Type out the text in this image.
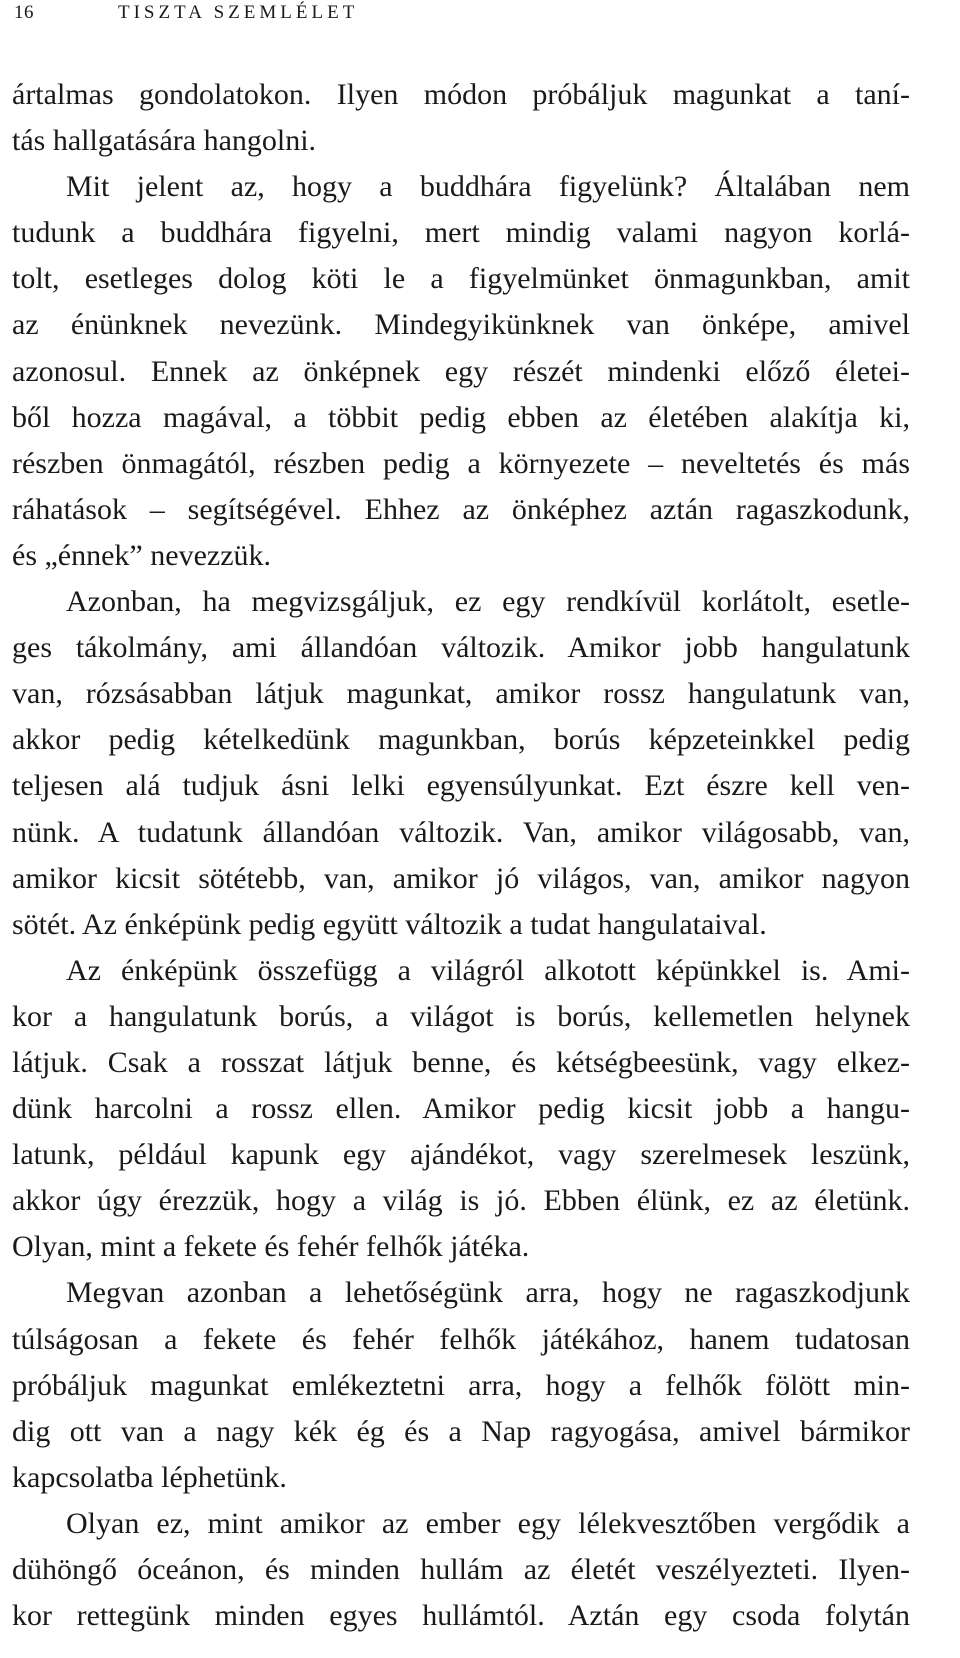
16	TISZTA SZEMLÉLET
ártalmas gondolatokon. Ilyen módon próbáljuk magunkat a taní-
tás hallgatására hangolni.
Mit jelent az, hogy a buddhára figyelünk? Általában nem
tudunk a buddhára figyelni, mert mindig valami nagyon korlá-
tolt, esetleges dolog köti le a figyelmünket önmagunkban, amit
az énünknek nevezünk. Mindegyikünknek van önképe, amivel
azonosul. Ennek az önképnek egy részét mindenki előző életei-
ből hozza magával, a többit pedig ebben az életében alakítja ki,
részben önmagától, részben pedig a környezete – neveltetés és más
ráhatások – segítségével. Ehhez az önképhez aztán ragaszkodunk,
és „énnek” nevezzük.
Azonban, ha megvizsgáljuk, ez egy rendkívül korlátolt, esetle-
ges tákolmány, ami állandóan változik. Amikor jobb hangulatunk
van, rózsásabban látjuk magunkat, amikor rossz hangulatunk van,
akkor pedig kételkedünk magunkban, borús képzeteinkkel pedig
teljesen alá tudjuk ásni lelki egyensúlyunkat. Ezt észre kell ven-
nünk. A tudatunk állandóan változik. Van, amikor világosabb, van,
amikor kicsit sötétebb, van, amikor jó világos, van, amikor nagyon
sötét. Az énképünk pedig együtt változik a tudat hangulataival.
Az énképünk összefügg a világról alkotott képünkkel is. Ami-
kor a hangulatunk borús, a világot is borús, kellemetlen helynek
látjuk. Csak a rosszat látjuk benne, és kétségbeesünk, vagy elkez-
dünk harcolni a rossz ellen. Amikor pedig kicsit jobb a hangu-
latunk, például kapunk egy ajándékot, vagy szerelmesek leszünk,
akkor úgy érezzük, hogy a világ is jó. Ebben élünk, ez az életünk.
Olyan, mint a fekete és fehér felhők játéka.
Megvan azonban a lehetőségünk arra, hogy ne ragaszkodjunk
túlságosan a fekete és fehér felhők játékához, hanem tudatosan
próbáljuk magunkat emlékeztetni arra, hogy a felhők fölött min-
dig ott van a nagy kék ég és a Nap ragyogása, amivel bármikor
kapcsolatba léphetünk.
Olyan ez, mint amikor az ember egy lélekvesztőben vergődik a
dühöngő óceánon, és minden hullám az életét veszélyezteti. Ilyen-
kor rettegünk minden egyes hullámtól. Aztán egy csoda folytán
